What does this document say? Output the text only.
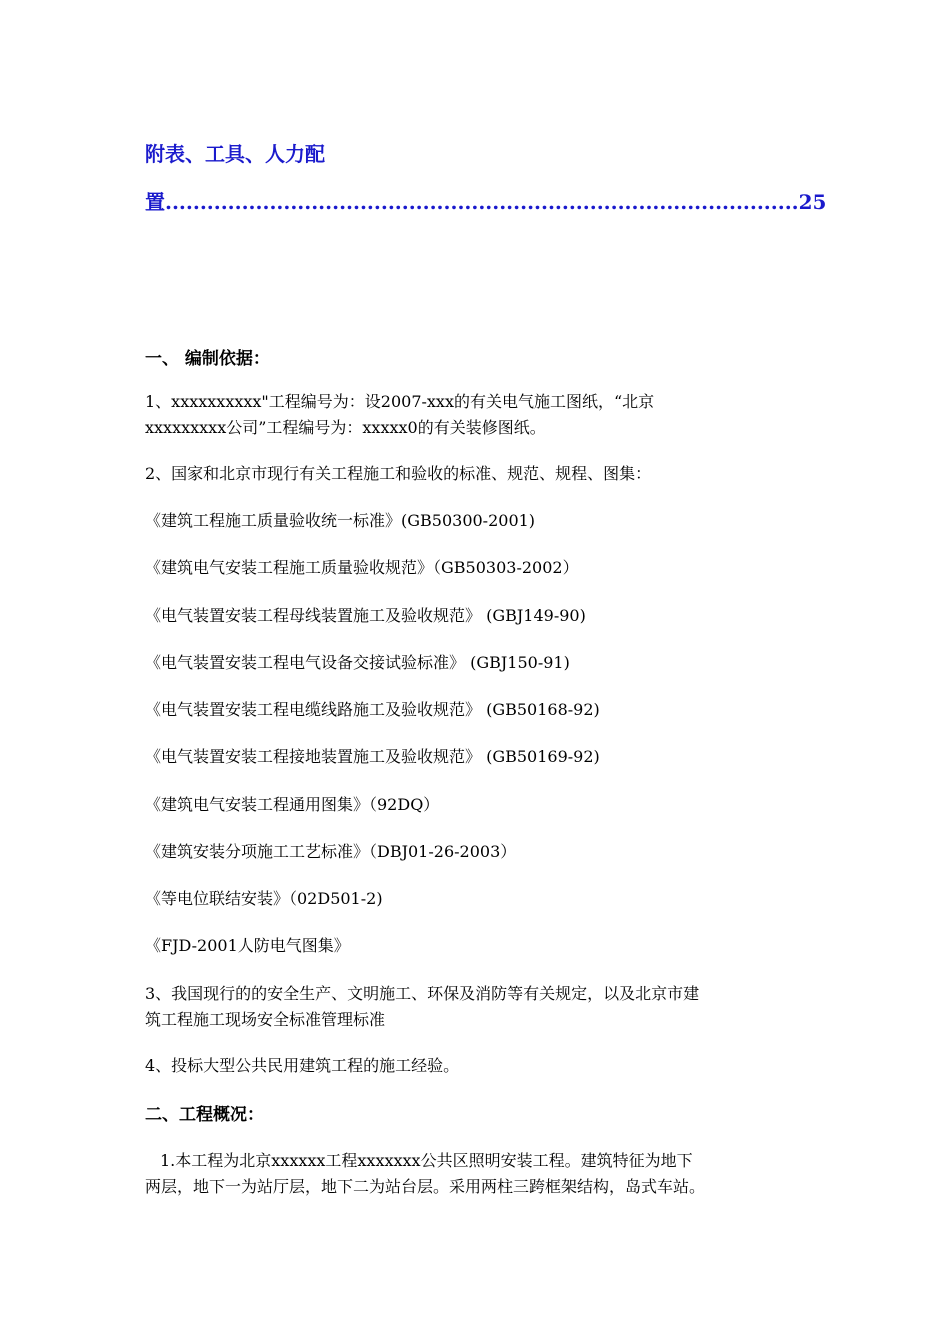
附表、工具、人力配
置 ........................................................................................... 25
一、 编制依据：
1、xxxxxxxxxx"工程编号为：设2007-xxx的有关电气施工图纸，“北京
xxxxxxxxx公司”工程编号为：xxxxx0的有关装修图纸。
2、国家和北京市现行有关工程施工和验收的标准、规范、规程、图集：
《建筑工程施工质量验收统一标准》(GB50300-2001)
《建筑电气安装工程施工质量验收规范》（GB50303-2002）
《电气装置安装工程母线装置施工及验收规范》 (GBJ149-90)
《电气装置安装工程电气设备交接试验标准》 (GBJ150-91)
《电气装置安装工程电缆线路施工及验收规范》 (GB50168-92)
《电气装置安装工程接地装置施工及验收规范》 (GB50169-92)
《建筑电气安装工程通用图集》（92DQ）
《建筑安装分项施工工艺标准》（DBJ01-26-2003）
《等电位联结安装》（02D501-2)
《FJD-2001人防电气图集》
3、我国现行的的安全生产、文明施工、环保及消防等有关规定，以及北京市建
筑工程施工现场安全标准管理标准
4、投标大型公共民用建筑工程的施工经验。
二、工程概况：
1.本工程为北京xxxxxx工程xxxxxxx公共区照明安装工程。建筑特征为地下
两层，地下一为站厅层，地下二为站台层。采用两柱三跨框架结构，岛式车站。
